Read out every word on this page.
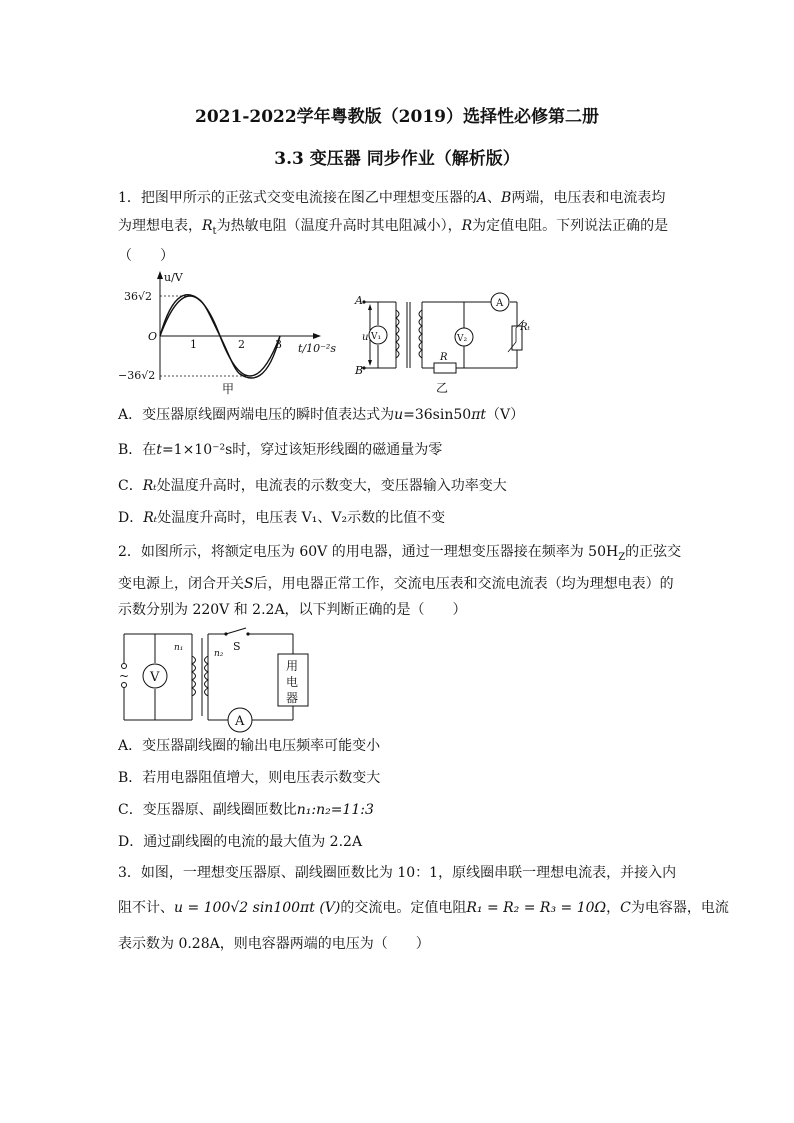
2021-2022学年粤教版（2019）选择性必修第二册
3.3 变压器 同步作业（解析版）
1．把图甲所示的正弦式交变电流接在图乙中理想变压器的A、B两端，电压表和电流表均
为理想电表，$R_t$为热敏电阻（温度升高时其电阻减小），R为定值电阻。下列说法正确的是
（　　）
u/V
36√2
−36√2
O
1	2	3 t/10⁻²s
甲
A
B
u V₁	V₂
A
R
Rₜ
乙
A．变压器原线圈两端电压的瞬时值表达式为u=36sin50πt（V）
B．在t=1×10⁻²s时，穿过该矩形线圈的磁通量为零
C．Rₜ处温度升高时，电流表的示数变大，变压器输入功率变大
D．Rₜ处温度升高时，电压表 V₁、V₂示数的比值不变
2．如图所示，将额定电压为 60V 的用电器，通过一理想变压器接在频率为 $50H_Z$的正弦交
变电源上，闭合开关S后，用电器正常工作，交流电压表和交流电流表（均为理想电表）的
示数分别为 220V 和 2.2A，以下判断正确的是（　　）
~ V
n₁
n₂
S
用
电
器
A
A．变压器副线圈的输出电压频率可能变小
B．若用电器阻值增大，则电压表示数变大
C．变压器原、副线圈匝数比n₁:n₂=11:3
D．通过副线圈的电流的最大值为 2.2A
3．如图，一理想变压器原、副线圈匝数比为 10：1，原线圈串联一理想电流表，并接入内
阻不计、u = 100√2 sin100πt (V)的交流电。定值电阻R₁ = R₂ = R₃ = 10Ω，C为电容器，电流
表示数为 0.28A，则电容器两端的电压为（　　）
